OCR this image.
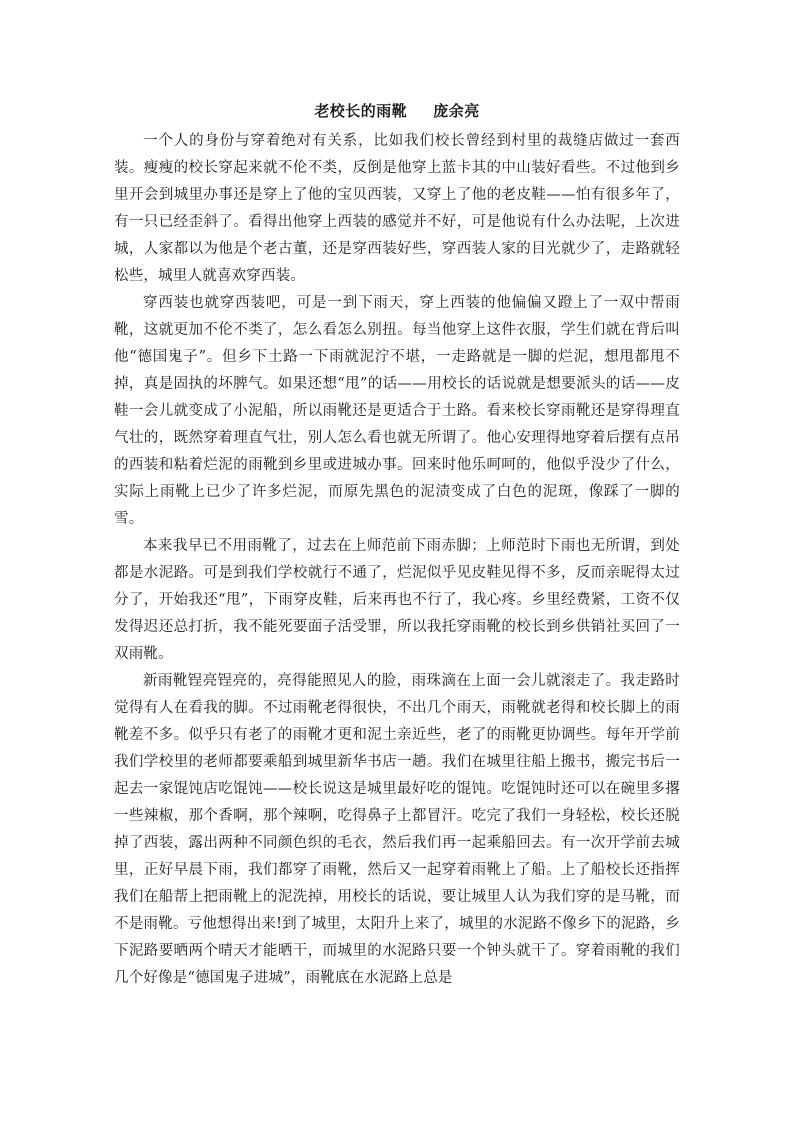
老校长的雨靴 庞余亮

一个人的身份与穿着绝对有关系，比如我们校长曾经到村里的裁缝店做过一套西装。瘦瘦的校长穿起来就不伦不类，反倒是他穿上蓝卡其的中山装好看些。不过他到乡里开会到城里办事还是穿上了他的宝贝西装，又穿上了他的老皮鞋——怕有很多年了，有一只已经歪斜了。看得出他穿上西装的感觉并不好，可是他说有什么办法呢，上次进城，人家都以为他是个老古董，还是穿西装好些，穿西装人家的目光就少了，走路就轻松些，城里人就喜欢穿西装。

穿西装也就穿西装吧，可是一到下雨天，穿上西装的他偏偏又蹬上了一双中帮雨靴，这就更加不伦不类了，怎么看怎么别扭。每当他穿上这件衣服，学生们就在背后叫他“德国鬼子”。但乡下土路一下雨就泥泞不堪，一走路就是一脚的烂泥，想甩都甩不掉，真是固执的坏脾气。如果还想“甩”的话——用校长的话说就是想要派头的话——皮鞋一会儿就变成了小泥船，所以雨靴还是更适合于土路。看来校长穿雨靴还是穿得理直气壮的，既然穿着理直气壮，别人怎么看也就无所谓了。他心安理得地穿着后摆有点吊的西装和粘着烂泥的雨靴到乡里或进城办事。回来时他乐呵呵的，他似乎没少了什么，实际上雨靴上已少了许多烂泥，而原先黑色的泥渍变成了白色的泥斑，像踩了一脚的雪。

本来我早已不用雨靴了，过去在上师范前下雨赤脚；上师范时下雨也无所谓，到处都是水泥路。可是到我们学校就行不通了，烂泥似乎见皮鞋见得不多，反而亲昵得太过分了，开始我还“甩”，下雨穿皮鞋，后来再也不行了，我心疼。乡里经费紧，工资不仅发得迟还总打折，我不能死要面子活受罪，所以我托穿雨靴的校长到乡供销社买回了一双雨靴。

新雨靴锃亮锃亮的，亮得能照见人的脸，雨珠滴在上面一会儿就滚走了。我走路时觉得有人在看我的脚。不过雨靴老得很快，不出几个雨天，雨靴就老得和校长脚上的雨靴差不多。似乎只有老了的雨靴才更和泥土亲近些，老了的雨靴更协调些。每年开学前我们学校里的老师都要乘船到城里新华书店一趟。我们在城里往船上搬书，搬完书后一起去一家馄饨店吃馄饨——校长说这是城里最好吃的馄饨。吃馄饨时还可以在碗里多撂一些辣椒，那个香啊，那个辣啊，吃得鼻子上都冒汗。吃完了我们一身轻松，校长还脱掉了西装，露出两种不同颜色织的毛衣，然后我们再一起乘船回去。有一次开学前去城里，正好早晨下雨，我们都穿了雨靴，然后又一起穿着雨靴上了船。上了船校长还指挥我们在船帮上把雨靴上的泥洗掉，用校长的话说，要让城里人认为我们穿的是马靴，而不是雨靴。亏他想得出来!到了城里，太阳升上来了，城里的水泥路不像乡下的泥路，乡下泥路要晒两个晴天才能晒干，而城里的水泥路只要一个钟头就干了。穿着雨靴的我们几个好像是“德国鬼子进城”，雨靴底在水泥路上总是
